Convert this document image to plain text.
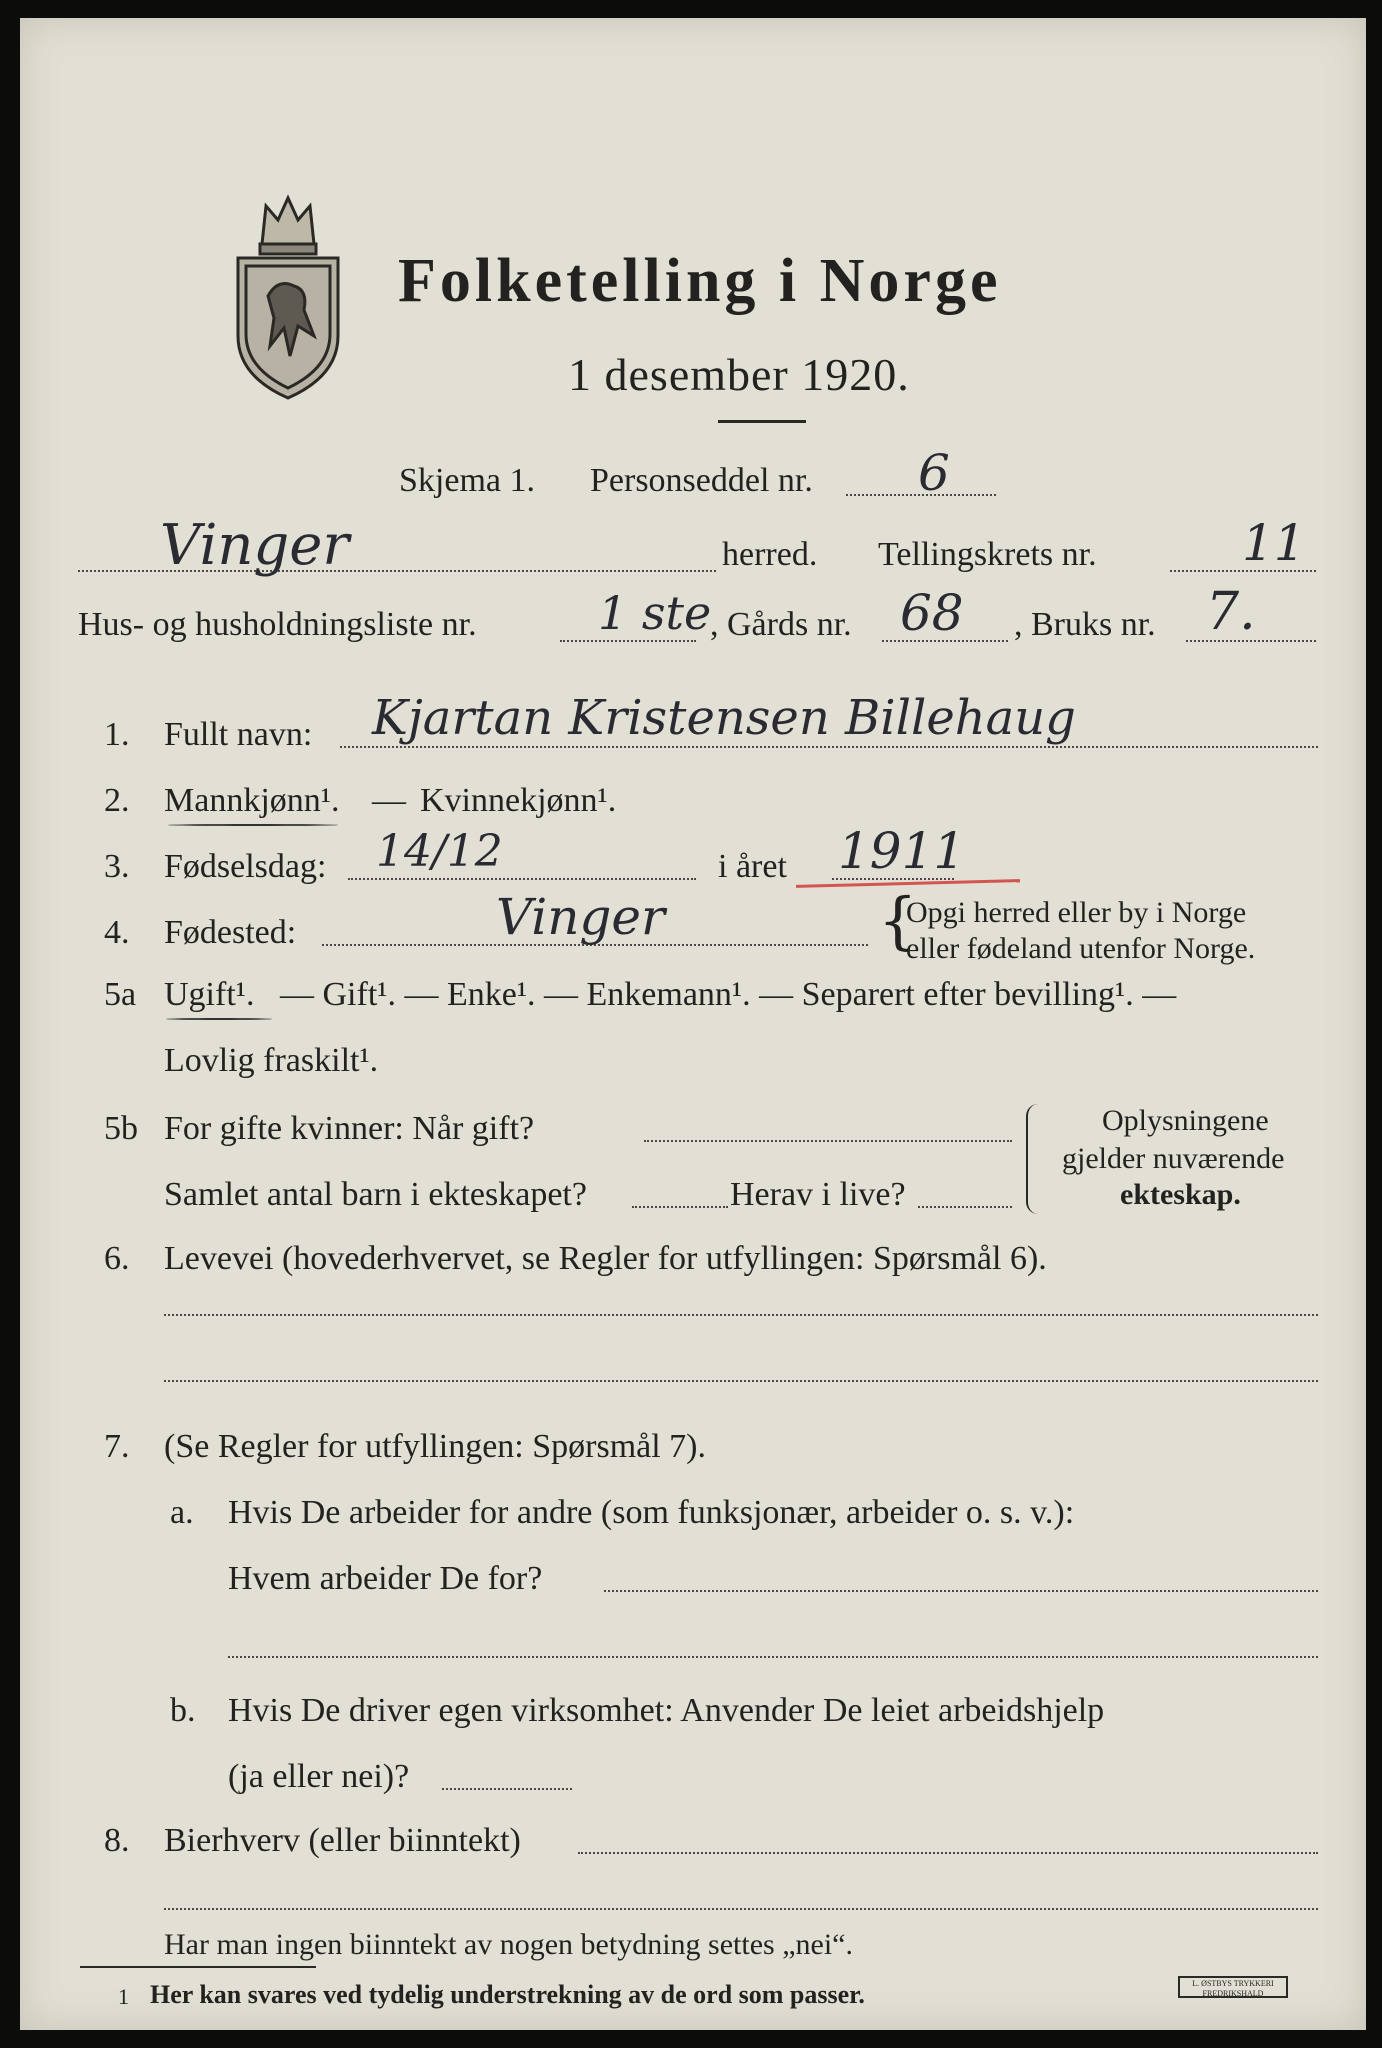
Folketelling i Norge
1 desember 1920.
Skjema 1. Personseddel nr. 6
Vinger	herred. Tellingskrets nr.	11
Hus- og husholdningsliste nr.	1 ste
, Gårds nr. 68 , Bruks nr. 7.
1. Fullt navn: Kjartan Kristensen Billehaug
2. Mannkjønn¹. — Kvinnekjønn¹.
3. Fødselsdag: 14/12	i året 1911
4. Fødested:	Vinger	{
Opgi herred eller by i Norge
eller fødeland utenfor Norge.
5a Ugift¹. — Gift¹. — Enke¹. — Enkemann¹. — Separert efter bevilling¹. —
Lovlig fraskilt¹.
5b For gifte kvinner: Når gift?
Samlet antal barn i ekteskapet?	Herav i live?
Oplysningene
gjelder nuværende
ekteskap.
6. Levevei (hovederhvervet, se Regler for utfyllingen: Spørsmål 6).
7. (Se Regler for utfyllingen: Spørsmål 7).
a. Hvis De arbeider for andre (som funksjonær, arbeider o. s. v.):
Hvem arbeider De for?
b. Hvis De driver egen virksomhet: Anvender De leiet arbeidshjelp
(ja eller nei)?
8. Bierhverv (eller biinntekt)
Har man ingen biinntekt av nogen betydning settes „nei“.
1 Her kan svares ved tydelig understrekning av de ord som passer.	L. ØSTBYS TRYKKERI FREDRIKSHALD
